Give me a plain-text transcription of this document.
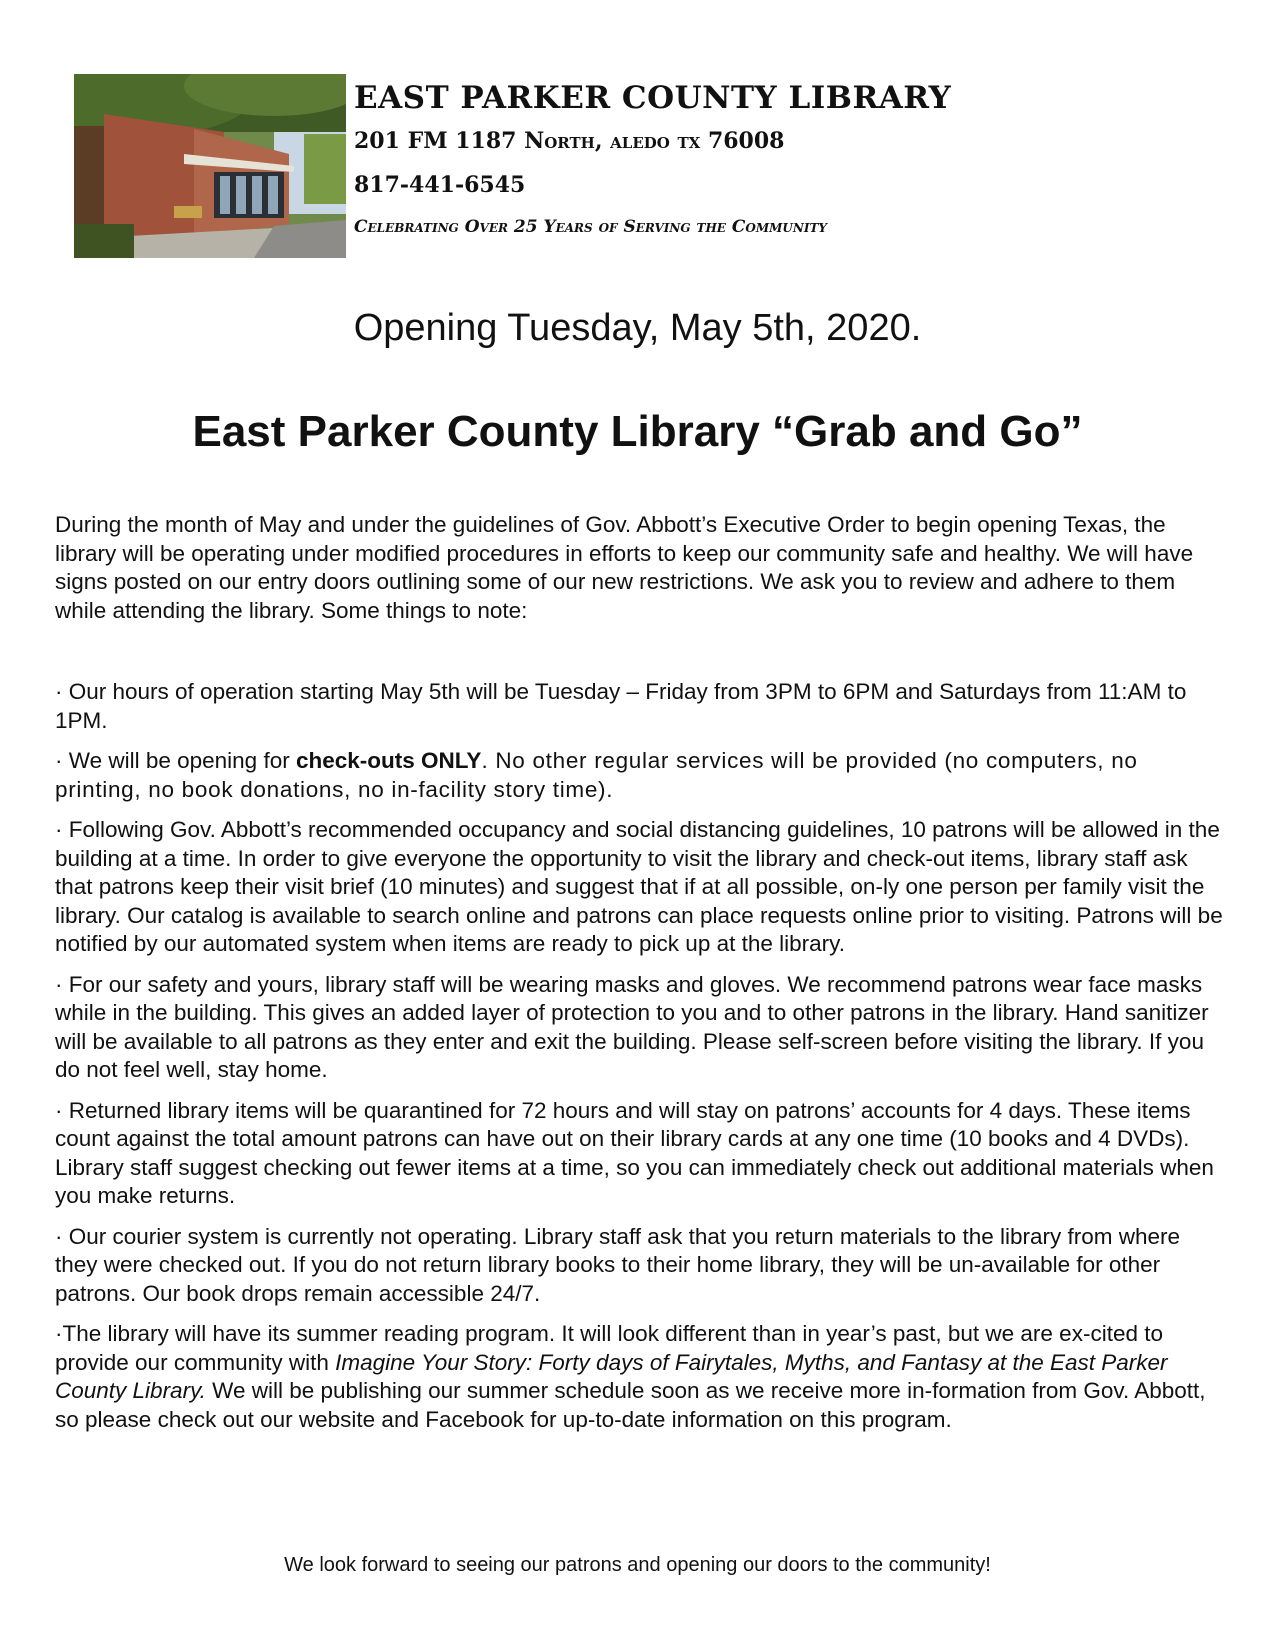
EAST PARKER COUNTY LIBRARY
201 FM 1187 North, aledo tx 76008
817-441-6545
Celebrating Over 25 Years of Serving the Community
Opening Tuesday, May 5th, 2020.
East Parker County Library “Grab and Go”
During the month of May and under the guidelines of Gov. Abbott’s Executive Order to begin opening Texas, the library will be operating under modified procedures in efforts to keep our community safe and healthy. We will have signs posted on our entry doors outlining some of our new restrictions. We ask you to review and adhere to them while attending the library. Some things to note:
· Our hours of operation starting May 5th will be Tuesday – Friday from 3PM to 6PM and Saturdays from 11:AM to 1PM.
· We will be opening for check-outs ONLY. No other regular services will be provided (no computers, no printing, no book donations, no in-facility story time).
· Following Gov. Abbott’s recommended occupancy and social distancing guidelines, 10 patrons will be allowed in the building at a time. In order to give everyone the opportunity to visit the library and check-out items, library staff ask that patrons keep their visit brief (10 minutes) and suggest that if at all possible, on-ly one person per family visit the library. Our catalog is available to search online and patrons can place requests online prior to visiting. Patrons will be notified by our automated system when items are ready to pick up at the library.
· For our safety and yours, library staff will be wearing masks and gloves. We recommend patrons wear face masks while in the building. This gives an added layer of protection to you and to other patrons in the library. Hand sanitizer will be available to all patrons as they enter and exit the building. Please self-screen before visiting the library. If you do not feel well, stay home.
· Returned library items will be quarantined for 72 hours and will stay on patrons’ accounts for 4 days. These items count against the total amount patrons can have out on their library cards at any one time (10 books and 4 DVDs). Library staff suggest checking out fewer items at a time, so you can immediately check out additional materials when you make returns.
· Our courier system is currently not operating. Library staff ask that you return materials to the library from where they were checked out. If you do not return library books to their home library, they will be un-available for other patrons. Our book drops remain accessible 24/7.
·The library will have its summer reading program. It will look different than in year’s past, but we are ex-cited to provide our community with Imagine Your Story: Forty days of Fairytales, Myths, and Fantasy at the East Parker County Library. We will be publishing our summer schedule soon as we receive more in-formation from Gov. Abbott, so please check out our website and Facebook for up-to-date information on this program.
We look forward to seeing our patrons and opening our doors to the community!
